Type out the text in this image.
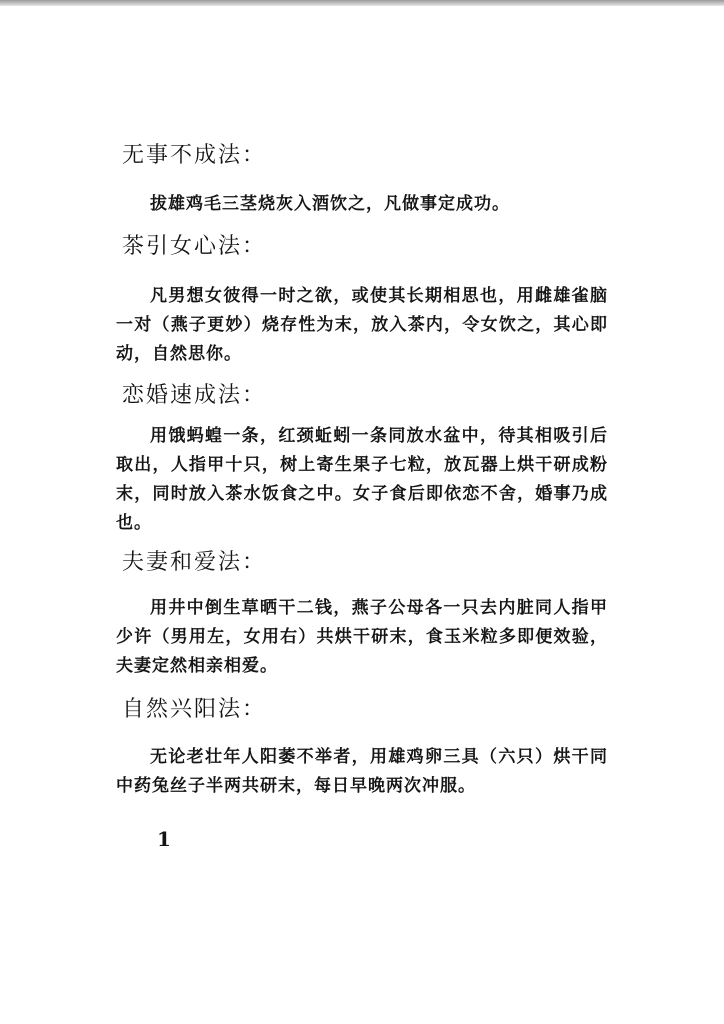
无事不成法：

拔雄鸡毛三茎烧灰入酒饮之，凡做事定成功。

茶引女心法：

凡男想女彼得一时之欲，或使其长期相思也，用雌雄雀脑一对（燕子更妙）烧存性为末，放入茶内，令女饮之，其心即动，自然思你。

恋婚速成法：

用饿蚂蝗一条，红颈蚯蚓一条同放水盆中，待其相吸引后取出，人指甲十只，树上寄生果子七粒，放瓦器上烘干研成粉末，同时放入茶水饭食之中。女子食后即依恋不舍，婚事乃成也。

夫妻和爱法：

用井中倒生草晒干二钱，燕子公母各一只去内脏同人指甲少许（男用左，女用右）共烘干研末，食玉米粒多即便效验，夫妻定然相亲相爱。

自然兴阳法：

无论老壮年人阳萎不举者，用雄鸡卵三具（六只）烘干同中药兔丝子半两共研末，每日早晚两次冲服。

1
